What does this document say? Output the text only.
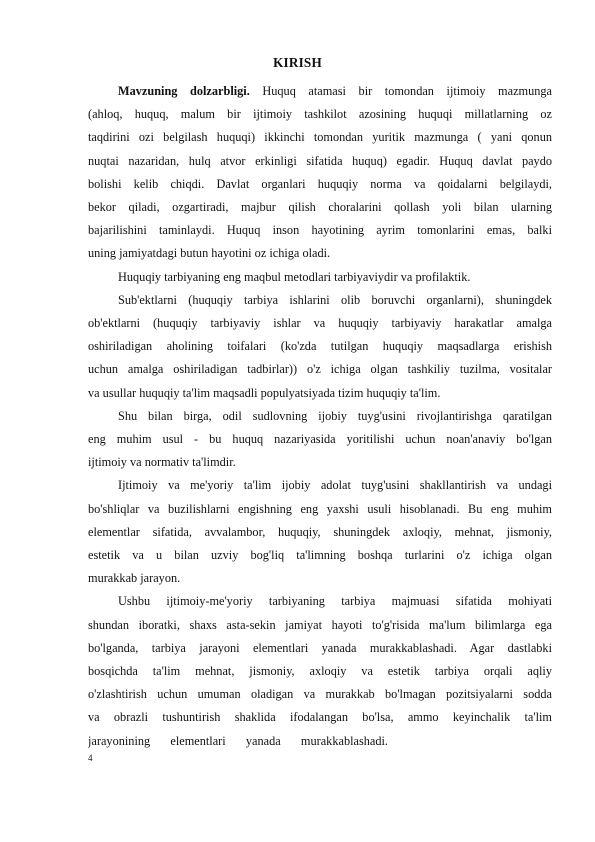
KIRISH
Mavzuning dolzarbligi. Huquq atamasi bir tomondan ijtimoiy mazmunga
(ahloq, huquq, malum bir ijtimoiy tashkilot azosining huquqi millatlarning oz
taqdirini ozi belgilash huquqi) ikkinchi tomondan yuritik mazmunga ( yani qonun
nuqtai nazaridan, hulq atvor erkinligi sifatida huquq) egadir. Huquq davlat paydo
bolishi kelib chiqdi. Davlat organlari huquqiy norma va qoidalarni belgilaydi,
bekor qiladi, ozgartiradi, majbur qilish choralarini qollash yoli bilan ularning
bajarilishini taminlaydi. Huquq inson hayotining ayrim tomonlarini emas, balki
uning jamiyatdagi butun hayotini oz ichiga oladi.
Huquqiy tarbiyaning eng maqbul metodlari tarbiyaviydir va profilaktik.
Sub'ektlarni (huquqiy tarbiya ishlarini olib boruvchi organlarni), shuningdek
ob'ektlarni (huquqiy tarbiyaviy ishlar va huquqiy tarbiyaviy harakatlar amalga
oshiriladigan aholining toifalari (ko'zda tutilgan huquqiy maqsadlarga erishish
uchun amalga oshiriladigan tadbirlar)) o'z ichiga olgan tashkiliy tuzilma, vositalar
va usullar huquqiy ta'lim maqsadli populyatsiyada tizim huquqiy ta'lim.
Shu bilan birga, odil sudlovning ijobiy tuyg'usini rivojlantirishga qaratilgan
eng muhim usul - bu huquq nazariyasida yoritilishi uchun noan'anaviy bo'lgan
ijtimoiy va normativ ta'limdir.
Ijtimoiy va me'yoriy ta'lim ijobiy adolat tuyg'usini shakllantirish va undagi
bo'shliqlar va buzilishlarni engishning eng yaxshi usuli hisoblanadi. Bu eng muhim
elementlar sifatida, avvalambor, huquqiy, shuningdek axloqiy, mehnat, jismoniy,
estetik va u bilan uzviy bog'liq ta'limning boshqa turlarini o'z ichiga olgan
murakkab jarayon.
Ushbu ijtimoiy-me'yoriy tarbiyaning tarbiya majmuasi sifatida mohiyati
shundan iboratki, shaxs asta-sekin jamiyat hayoti to'g'risida ma'lum bilimlarga ega
bo'lganda, tarbiya jarayoni elementlari yanada murakkablashadi. Agar dastlabki
bosqichda ta'lim mehnat, jismoniy, axloqiy va estetik tarbiya orqali aqliy
o'zlashtirish uchun umuman oladigan va murakkab bo'lmagan pozitsiyalarni sodda
va obrazli tushuntirish shaklida ifodalangan bo'lsa, ammo keyinchalik ta'lim
jarayonining elementlari yanada murakkablashadi.
4
